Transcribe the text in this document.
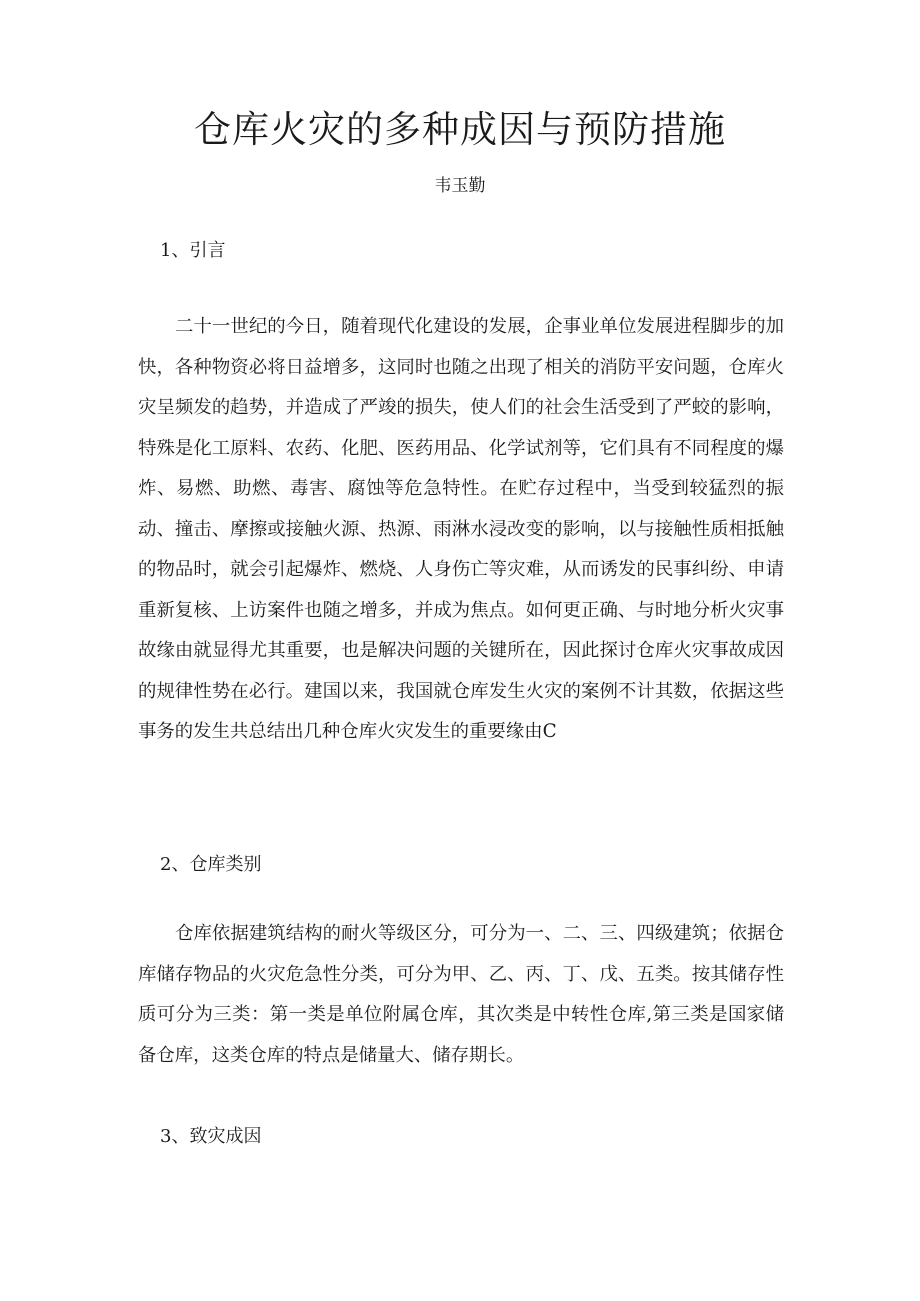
仓库火灾的多种成因与预防措施
韦玉勤
1、引言

二十一世纪的今日，随着现代化建设的发展，企事业单位发展进程脚步的加快，各种物资必将日益增多，这同时也随之出现了相关的消防平安问题，仓库火灾呈频发的趋势，并造成了严竣的损失，使人们的社会生活受到了严蛟的影响，特殊是化工原料、农药、化肥、医药用品、化学试剂等，它们具有不同程度的爆炸、易燃、助燃、毒害、腐蚀等危急特性。在贮存过程中，当受到较猛烈的振动、撞击、摩擦或接触火源、热源、雨淋水浸改变的影响，以与接触性质相抵触的物品时，就会引起爆炸、燃烧、人身伤亡等灾难，从而诱发的民事纠纷、申请重新复核、上访案件也随之增多，并成为焦点。如何更正确、与时地分析火灾事故缘由就显得尤其重要，也是解决问题的关键所在，因此探讨仓库火灾事故成因的规律性势在必行。建国以来，我国就仓库发生火灾的案例不计其数，依据这些事务的发生共总结出几种仓库火灾发生的重要缘由C

2、仓库类别

仓库依据建筑结构的耐火等级区分，可分为一、二、三、四级建筑；依据仓库储存物品的火灾危急性分类，可分为甲、乙、丙、丁、戊、五类。按其储存性质可分为三类：第一类是单位附属仓库，其次类是中转性仓库,第三类是国家储备仓库，这类仓库的特点是储量大、储存期长。

3、致灾成因
